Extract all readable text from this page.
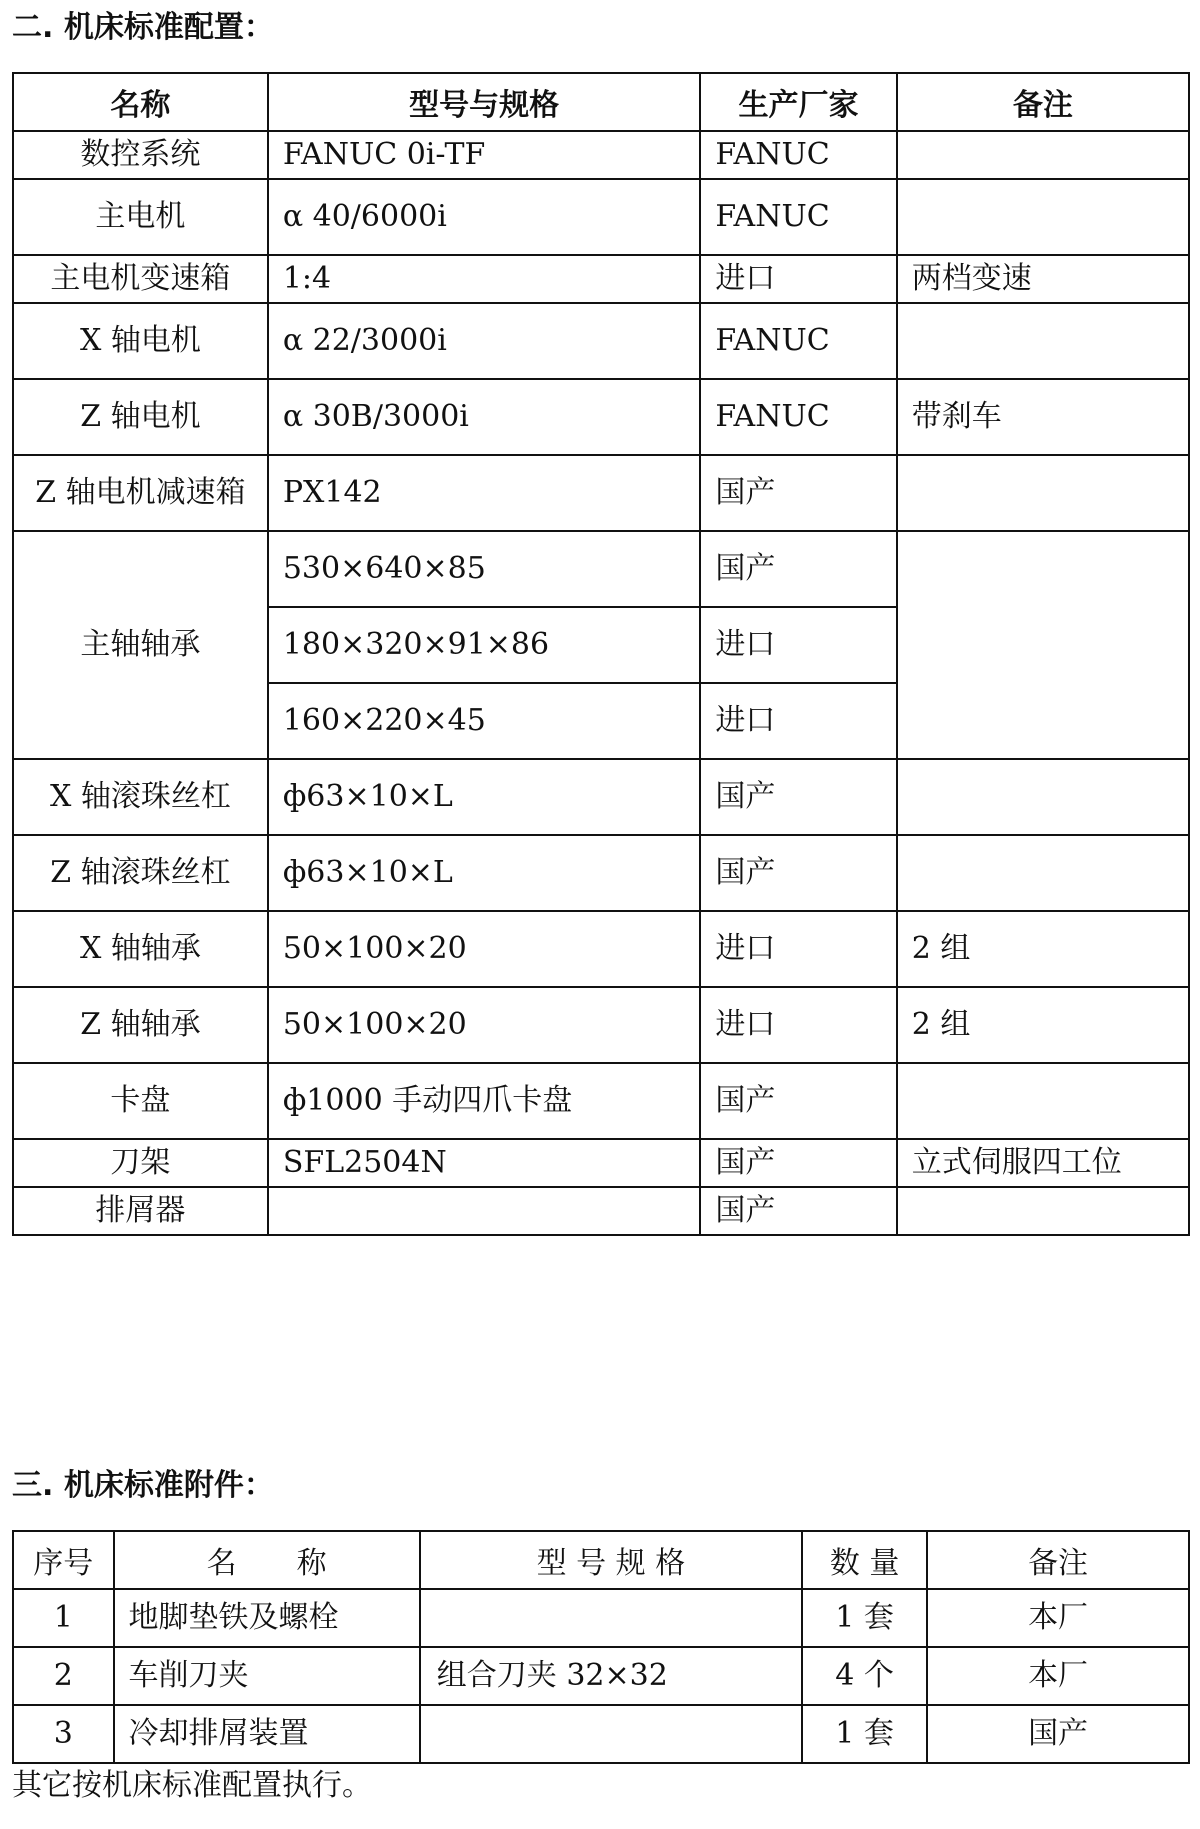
二. 机床标准配置：
名称	型号与规格	生产厂家	备注
数控系统	FANUC 0i-TF	FANUC	
主电机	α 40/6000i	FANUC	
主电机变速箱	1:4	进口	两档变速
X 轴电机	α 22/3000i	FANUC	
Z 轴电机	α 30B/3000i	FANUC	带刹车
Z 轴电机减速箱	PX142	国产	
主轴轴承	530×640×85	国产	
	180×320×91×86	进口	
	160×220×45	进口	
X 轴滚珠丝杠	ф63×10×L	国产	
Z 轴滚珠丝杠	ф63×10×L	国产	
X 轴轴承	50×100×20	进口	2 组
Z 轴轴承	50×100×20	进口	2 组
卡盘	ф1000 手动四爪卡盘	国产	
刀架	SFL2504N	国产	立式伺服四工位
排屑器		国产	
三. 机床标准附件：
序号	名　　称	型 号 规 格	数 量	备注
1	地脚垫铁及螺栓		1 套	本厂
2	车削刀夹	组合刀夹 32×32	4 个	本厂
3	冷却排屑装置		1 套	国产

其它按机床标准配置执行。
